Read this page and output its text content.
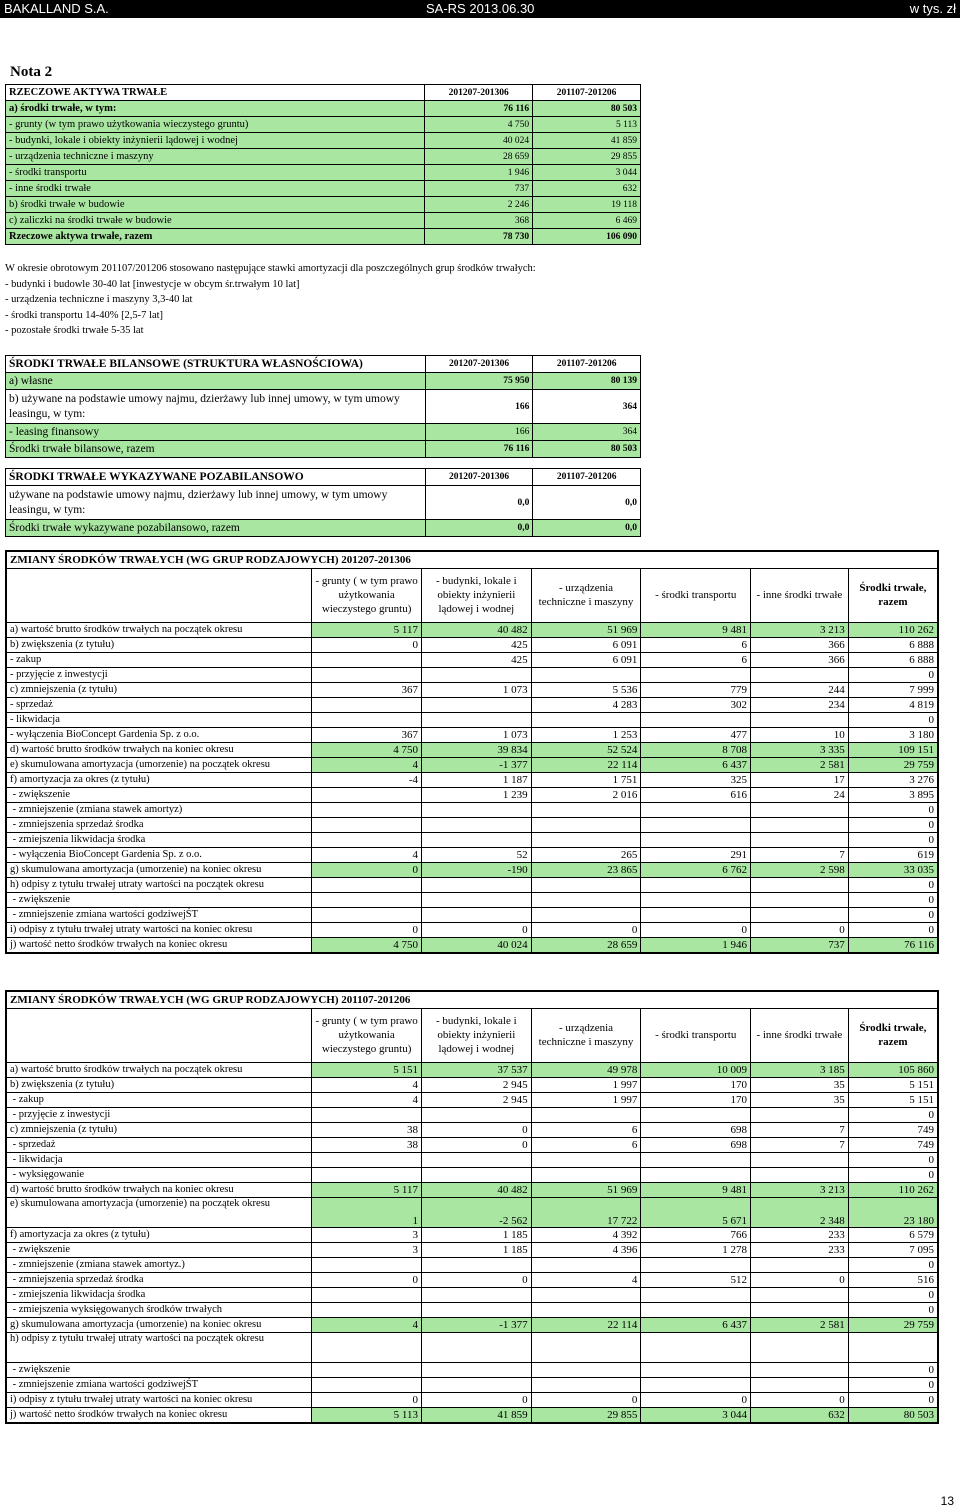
BAKALLAND S.A.	SA-RS 2013.06.30	w tys. zł
Nota 2
RZECZOWE AKTYWA TRWAŁE	201207-201306	201107-201206
a) środki trwałe, w tym:	76 116	80 503
- grunty (w tym prawo użytkowania wieczystego gruntu)	4 750	5 113
- budynki, lokale i obiekty inżynierii lądowej i wodnej	40 024	41 859
- urządzenia techniczne i maszyny	28 659	29 855
- środki transportu	1 946	3 044
- inne środki trwałe	737	632
b) środki trwałe w budowie	2 246	19 118
c) zaliczki na środki trwałe w budowie	368	6 469
Rzeczowe aktywa trwałe, razem	78 730	106 090
W okresie obrotowym 201107/201206 stosowano następujące stawki amortyzacji dla poszczególnych grup środków trwałych:
- budynki i budowle 30-40 lat [inwestycje w obcym śr.trwałym 10 lat]
- urządzenia techniczne i maszyny 3,3-40 lat
- środki transportu 14-40% [2,5-7 lat]
- pozostałe środki trwałe 5-35 lat
ŚRODKI TRWAŁE BILANSOWE (STRUKTURA WŁASNOŚCIOWA)	201207-201306	201107-201206
a) własne	75 950	80 139

b) używane na podstawie umowy najmu, dzierżawy lub innej umowy, w tym umowy
leasingu, w tym:	166	364
- leasing finansowy	166	364
Środki trwałe bilansowe, razem	76 116	80 503
ŚRODKI TRWAŁE WYKAZYWANE POZABILANSOWO	201207-201306	201107-201206

używane na podstawie umowy najmu, dzierżawy lub innej umowy, w tym umowy
leasingu, w tym:	0,0	0,0
Środki trwałe wykazywane pozabilansowo, razem	0,0	0,0
ZMIANY ŚRODKÓW TRWAŁYCH (WG GRUP RODZAJOWYCH) 201207-201306						
	- grunty ( w tym prawo użytkowania wieczystego gruntu)	- budynki, lokale i obiekty inżynierii lądowej i wodnej	- urządzenia techniczne i maszyny	- środki transportu	- inne środki trwałe	Środki trwałe, razem
a) wartość brutto środków trwałych na początek okresu	5 117	40 482	51 969	9 481	3 213	110 262
b) zwiększenia (z tytułu)	0	425	6 091	6	366	6 888
- zakup		425	6 091	6	366	6 888
- przyjęcie z inwestycji						0
c) zmniejszenia (z tytułu)	367	1 073	5 536	779	244	7 999
- sprzedaż			4 283	302	234	4 819
- likwidacja						0
- wyłączenia BioConcept Gardenia Sp. z o.o.	367	1 073	1 253	477	10	3 180
d) wartość brutto środków trwałych na koniec okresu	4 750	39 834	52 524	8 708	3 335	109 151
e) skumulowana amortyzacja (umorzenie) na początek okresu	4	-1 377	22 114	6 437	2 581	29 759
f) amortyzacja za okres (z tytułu)	-4	1 187	1 751	325	17	3 276
- zwiększenie		1 239	2 016	616	24	3 895
- zmniejszenie (zmiana stawek amortyz)						0
- zmniejszenia sprzedaż środka						0
- zmiejszenia likwidacja środka						0
- wyłączenia BioConcept Gardenia Sp. z o.o.	4	52	265	291	7	619
g) skumulowana amortyzacja (umorzenie) na koniec okresu	0	-190	23 865	6 762	2 598	33 035
h) odpisy z tytułu trwałej utraty wartości na początek okresu						0
- zwiększenie						0
- zmniejszenie zmiana wartości godziwejŚT						0
i) odpisy z tytułu trwałej utraty wartości na koniec okresu	0	0	0	0	0	0
j) wartość netto środków trwałych na koniec okresu	4 750	40 024	28 659	1 946	737	76 116
ZMIANY ŚRODKÓW TRWAŁYCH (WG GRUP RODZAJOWYCH) 201107-201206						
	- grunty ( w tym prawo użytkowania wieczystego gruntu)	- budynki, lokale i obiekty inżynierii lądowej i wodnej	- urządzenia techniczne i maszyny	- środki transportu	- inne środki trwałe	Środki trwałe, razem
a) wartość brutto środków trwałych na początek okresu	5 151	37 537	49 978	10 009	3 185	105 860
b) zwiększenia (z tytułu)	4	2 945	1 997	170	35	5 151
- zakup	4	2 945	1 997	170	35	5 151
- przyjęcie z inwestycji						0
c) zmniejszenia (z tytułu)	38	0	6	698	7	749
- sprzedaż	38	0	6	698	7	749
- likwidacja						0
- wyksięgowanie						0
d) wartość brutto środków trwałych na koniec okresu	5 117	40 482	51 969	9 481	3 213	110 262
e) skumulowana amortyzacja (umorzenie) na początek okresu	1	-2 562	17 722	5 671	2 348	23 180
f) amortyzacja za okres (z tytułu)	3	1 185	4 392	766	233	6 579
- zwiększenie	3	1 185	4 396	1 278	233	7 095
- zmniejszenie (zmiana stawek amortyz.)						0
- zmniejszenia sprzedaż środka	0	0	4	512	0	516
- zmiejszenia likwidacja środka						0
- zmiejszenia wyksięgowanych środków trwałych						0
g) skumulowana amortyzacja (umorzenie) na koniec okresu	4	-1 377	22 114	6 437	2 581	29 759
h) odpisy z tytułu trwałej utraty wartości na początek okresu						
- zwiększenie						0
- zmniejszenie zmiana wartości godziwejŚT						0
i) odpisy z tytułu trwałej utraty wartości na koniec okresu	0	0	0	0	0	0
j) wartość netto środków trwałych na koniec okresu	5 113	41 859	29 855	3 044	632	80 503
13
